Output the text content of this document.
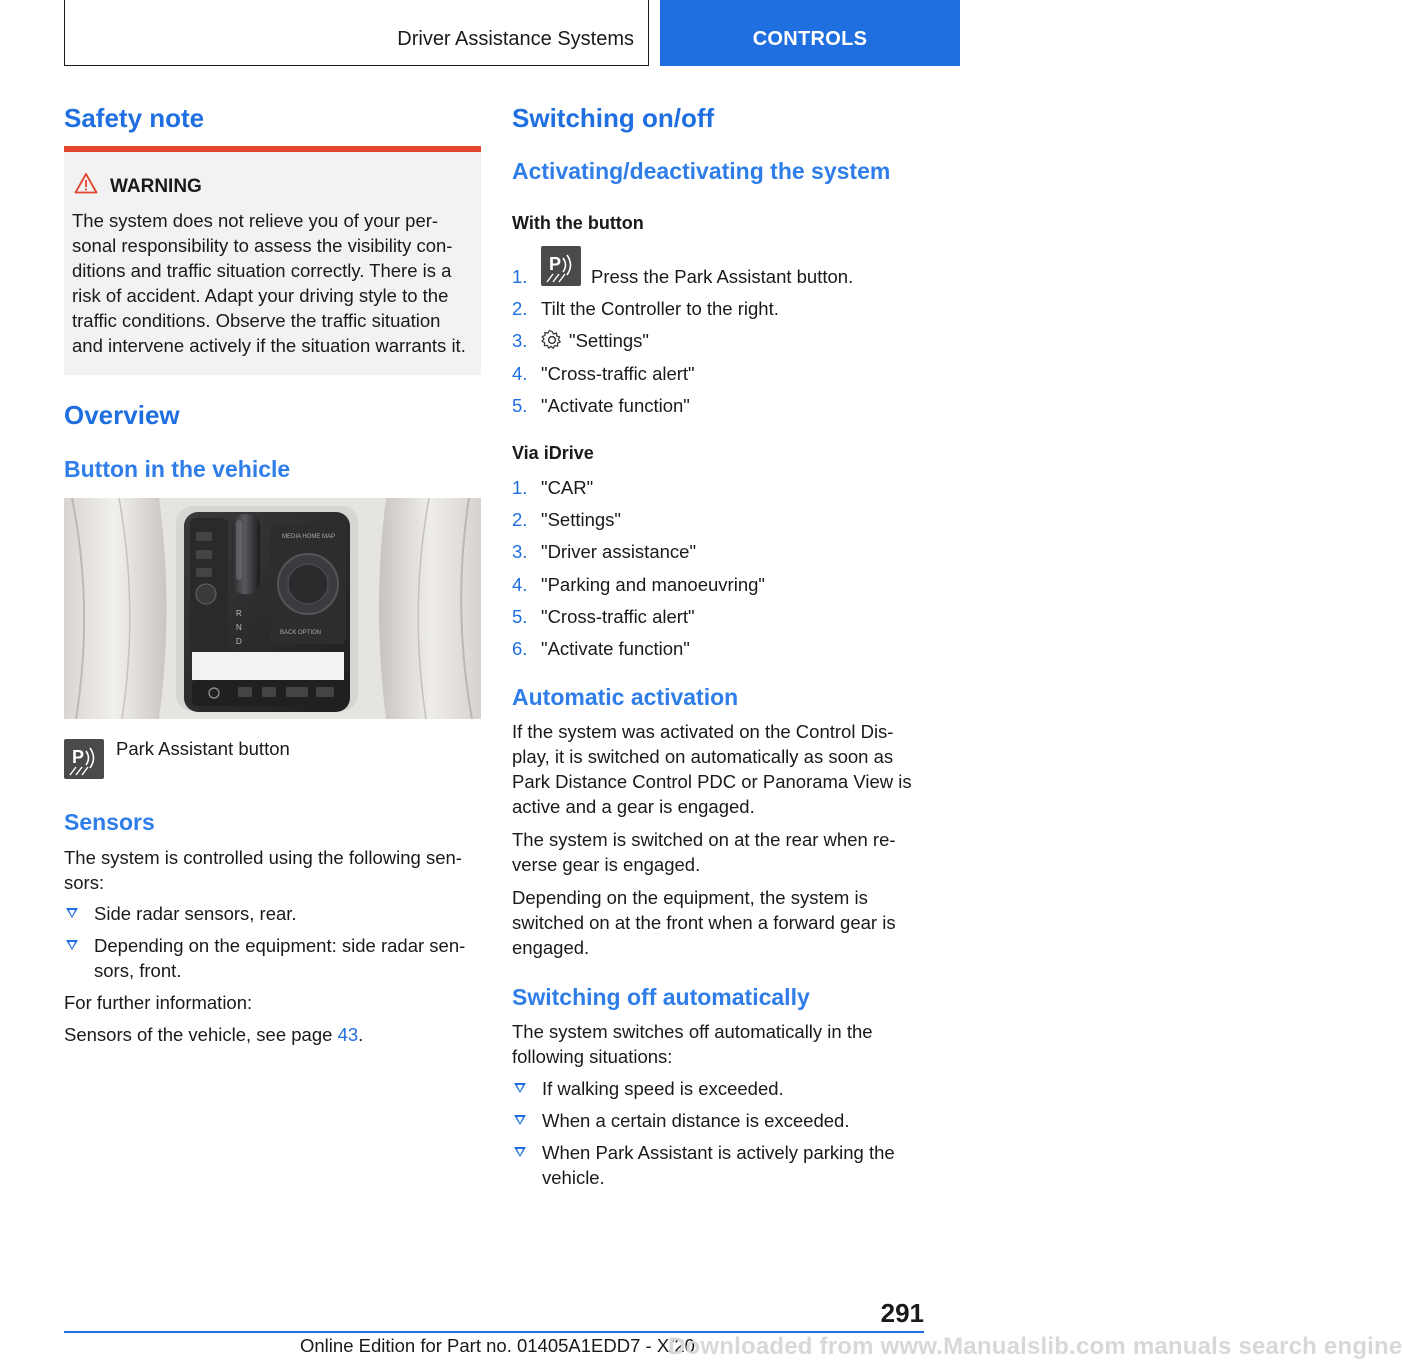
Driver Assistance Systems	CONTROLS
Safety note
WARNING
The system does not relieve you of your per-
sonal responsibility to assess the visibility con-
ditions and traffic situation correctly. There is a
risk of accident. Adapt your driving style to the
traffic conditions. Observe the traffic situation
and intervene actively if the situation warrants it.
Overview
Button in the vehicle
R
N
D
MEDIA HOME MAP
BACK OPTION
P Park Assistant button

Sensors

The system is controlled using the following sen-
sors:

Side radar sensors, rear.
Depending on the equipment: side radar sen-
sors, front.

For further information:

Sensors of the vehicle, see page 43.

Switching on/off
Activating/deactivating the system
With the button
P
1.	Press the Park Assistant button.
2. Tilt the Controller to the right.
3. "Settings"
4. "Cross-traffic alert"
5. "Activate function"
Via iDrive
1. "CAR"
2. "Settings"
3. "Driver assistance"
4. "Parking and manoeuvring"
5. "Cross-traffic alert"
6. "Activate function"
Automatic activation

If the system was activated on the Control Dis-
play, it is switched on automatically as soon as
Park Distance Control PDC or Panorama View is
active and a gear is engaged.

The system is switched on at the rear when re-
verse gear is engaged.

Depending on the equipment, the system is
switched on at the front when a forward gear is
engaged.

Switching off automatically

The system switches off automatically in the
following situations:

If walking speed is exceeded.
When a certain distance is exceeded.
When Park Assistant is actively parking the
vehicle.
291
Online Edition for Part no. 01405A1EDD7 - X/20
Downloaded from www.Manualslib.com manuals search engine
